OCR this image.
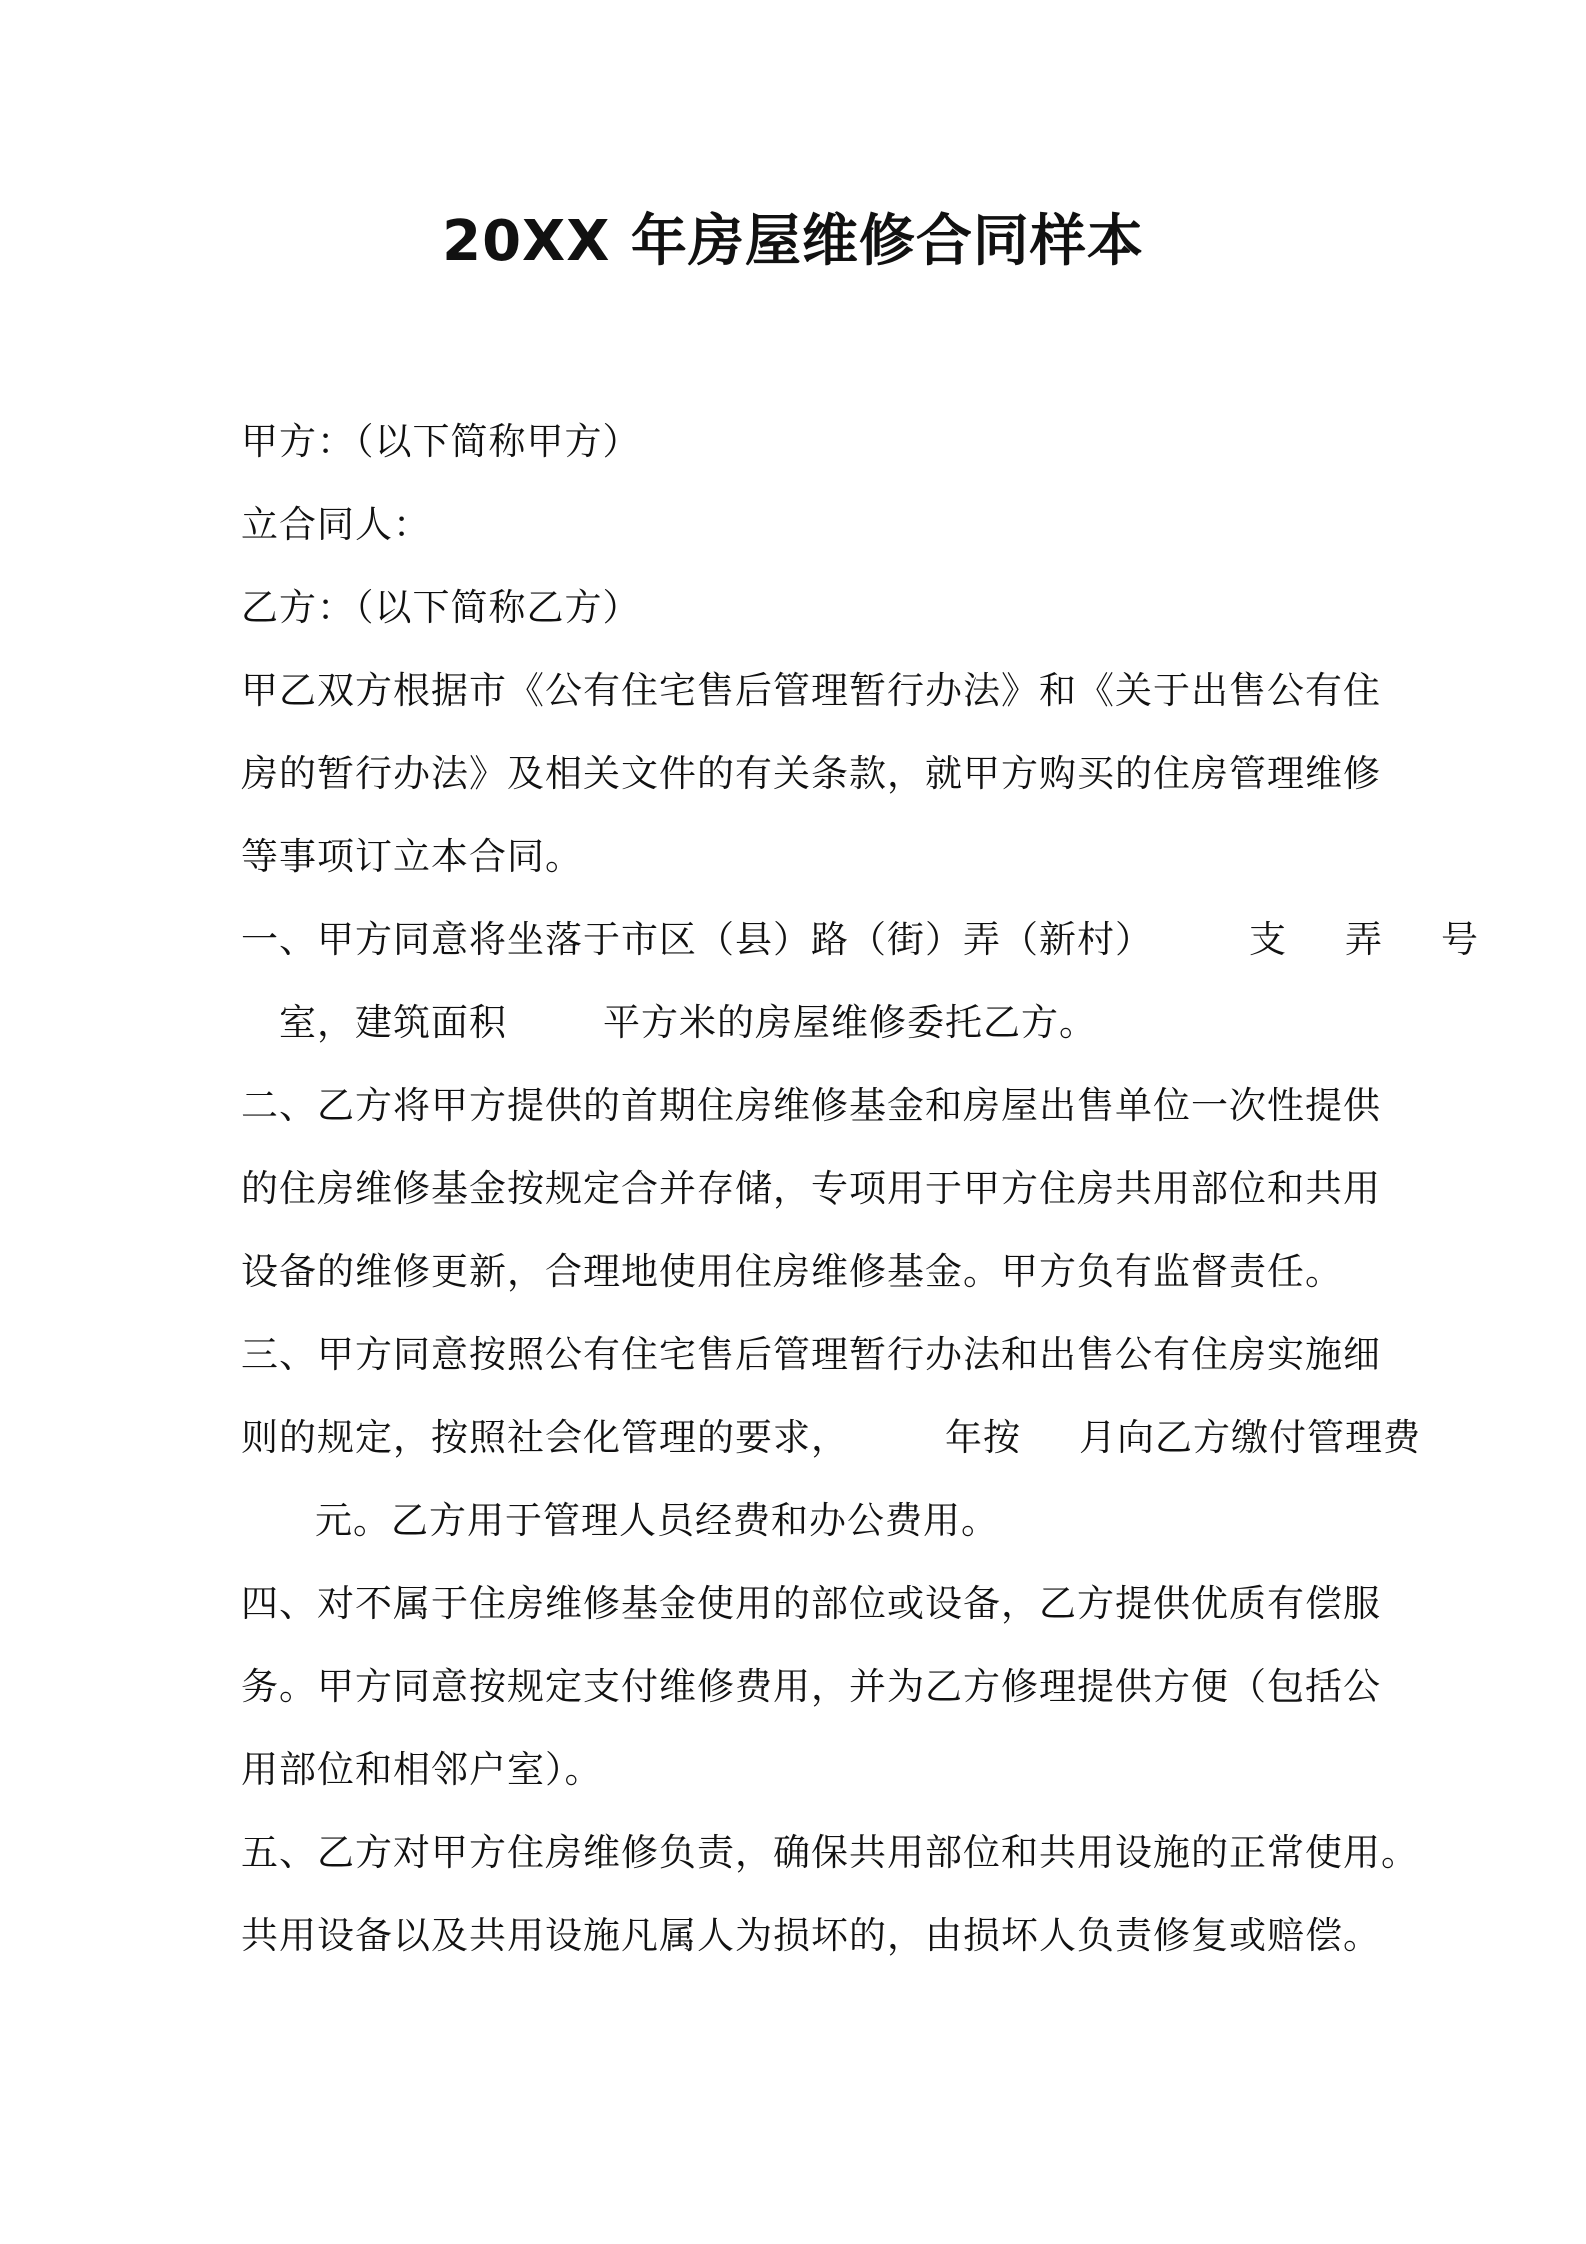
20XX 年房屋维修合同样本
甲方：（以下简称甲方）
立合同人：
乙方：（以下简称乙方）
甲乙双方根据市《公有住宅售后管理暂行办法》和《关于出售公有住
房的暂行办法》及相关文件的有关条款，就甲方购买的住房管理维修
等事项订立本合同。
一、甲方同意将坐落于市区（县）路（街）弄（新村）	支 弄 号
室，建筑面积	平方米的房屋维修委托乙方。
二、乙方将甲方提供的首期住房维修基金和房屋出售单位一次性提供
的住房维修基金按规定合并存储，专项用于甲方住房共用部位和共用
设备的维修更新，合理地使用住房维修基金。甲方负有监督责任。
三、甲方同意按照公有住宅售后管理暂行办法和出售公有住房实施细
则的规定，按照社会化管理的要求，	年按 月向乙方缴付管理费
元。乙方用于管理人员经费和办公费用。
四、对不属于住房维修基金使用的部位或设备，乙方提供优质有偿服
务。甲方同意按规定支付维修费用，并为乙方修理提供方便（包括公
用部位和相邻户室）。
五、乙方对甲方住房维修负责，确保共用部位和共用设施的正常使用。
共用设备以及共用设施凡属人为损坏的，由损坏人负责修复或赔偿。
